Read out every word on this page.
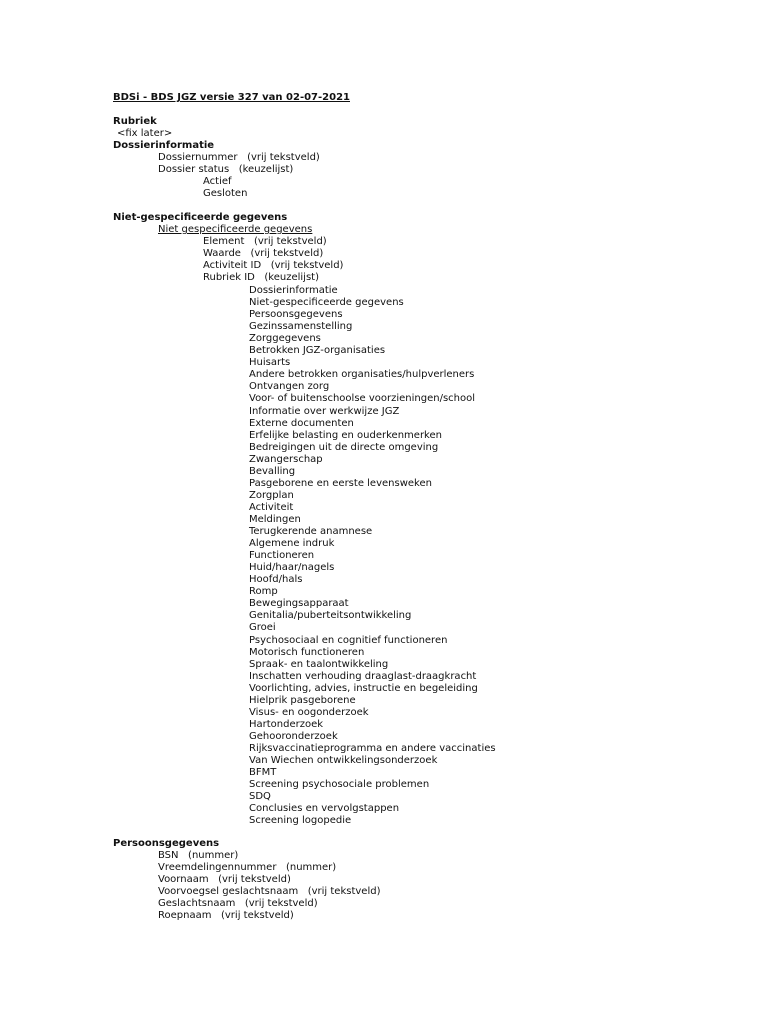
BDSi - BDS JGZ versie 327 van 02-07-2021
Rubriek
<fix later>
Dossierinformatie
Dossiernummer   (vrij tekstveld)
Dossier status   (keuzelijst)
Actief
Gesloten
Niet-gespecificeerde gegevens
Niet gespecificeerde gegevens
Element   (vrij tekstveld)
Waarde   (vrij tekstveld)
Activiteit ID   (vrij tekstveld)
Rubriek ID   (keuzelijst)
Dossierinformatie
Niet-gespecificeerde gegevens
Persoonsgegevens
Gezinssamenstelling
Zorggegevens
Betrokken JGZ-organisaties
Huisarts
Andere betrokken organisaties/hulpverleners
Ontvangen zorg
Voor- of buitenschoolse voorzieningen/school
Informatie over werkwijze JGZ
Externe documenten
Erfelijke belasting en ouderkenmerken
Bedreigingen uit de directe omgeving
Zwangerschap
Bevalling
Pasgeborene en eerste levensweken
Zorgplan
Activiteit
Meldingen
Terugkerende anamnese
Algemene indruk
Functioneren
Huid/haar/nagels
Hoofd/hals
Romp
Bewegingsapparaat
Genitalia/puberteitsontwikkeling
Groei
Psychosociaal en cognitief functioneren
Motorisch functioneren
Spraak- en taalontwikkeling
Inschatten verhouding draaglast-draagkracht
Voorlichting, advies, instructie en begeleiding
Hielprik pasgeborene
Visus- en oogonderzoek
Hartonderzoek
Gehooronderzoek
Rijksvaccinatieprogramma en andere vaccinaties
Van Wiechen ontwikkelingsonderzoek
BFMT
Screening psychosociale problemen
SDQ
Conclusies en vervolgstappen
Screening logopedie
Persoonsgegevens
BSN   (nummer)
Vreemdelingennummer   (nummer)
Voornaam   (vrij tekstveld)
Voorvoegsel geslachtsnaam   (vrij tekstveld)
Geslachtsnaam   (vrij tekstveld)
Roepnaam   (vrij tekstveld)
